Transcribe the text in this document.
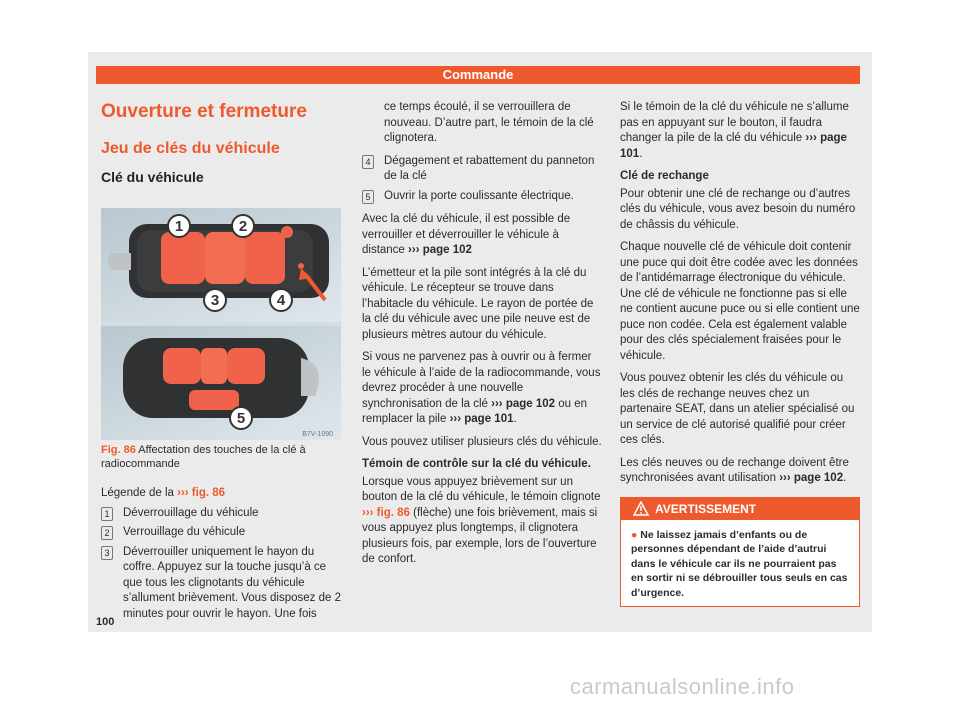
Commande
Ouverture et fermeture
Jeu de clés du véhicule
Clé du véhicule
1	2
3	4
5
B7V-1090
Fig. 86 Affectation des touches de la clé à radiocommande

Légende de la ››› fig. 86

1	Déverrouillage du véhicule
2	Verrouillage du véhicule
3	Déverrouiller uniquement le hayon du coffre. Appuyez sur la touche jusqu’à ce que tous les clignotants du véhicule s’allument brièvement. Vous disposez de 2 minutes pour ouvrir le hayon. Une fois

ce temps écoulé, il se verrouillera de nouveau. D’autre part, le témoin de la clé clignotera.

4	Dégagement et rabattement du panneton de la clé
5	Ouvrir la porte coulissante électrique.

Avec la clé du véhicule, il est possible de verrouiller et déverrouiller le véhicule à distance ››› page 102

L’émetteur et la pile sont intégrés à la clé du véhicule. Le récepteur se trouve dans l’habitacle du véhicule. Le rayon de portée de la clé du véhicule avec une pile neuve est de plusieurs mètres autour du véhicule.

Si vous ne parvenez pas à ouvrir ou à fermer le véhicule à l’aide de la radiocommande, vous devrez procéder à une nouvelle synchronisation de la clé ››› page 102 ou en remplacer la pile ››› page 101.

Vous pouvez utiliser plusieurs clés du véhicule.

Témoin de contrôle sur la clé du véhicule.

Lorsque vous appuyez brièvement sur un bouton de la clé du véhicule, le témoin clignote ››› fig. 86 (flèche) une fois brièvement, mais si vous appuyez plus longtemps, il clignotera plusieurs fois, par exemple, lors de l’ouverture de confort.

Si le témoin de la clé du véhicule ne s’allume pas en appuyant sur le bouton, il faudra changer la pile de la clé du véhicule ››› page 101.

Clé de rechange

Pour obtenir une clé de rechange ou d’autres clés du véhicule, vous avez besoin du numéro de châssis du véhicule.

Chaque nouvelle clé de véhicule doit contenir une puce qui doit être codée avec les données de l’antidémarrage électronique du véhicule. Une clé de véhicule ne fonctionne pas si elle ne contient aucune puce ou si elle contient une puce non codée. Cela est également valable pour des clés spécialement fraisées pour le véhicule.

Vous pouvez obtenir les clés du véhicule ou les clés de rechange neuves chez un partenaire SEAT, dans un atelier spécialisé ou un service de clé autorisé qualifié pour créer ces clés.

Les clés neuves ou de rechange doivent être synchronisées avant utilisation ››› page 102.

AVERTISSEMENT
● Ne laissez jamais d’enfants ou de personnes dépendant de l’aide d’autrui dans le véhicule car ils ne pourraient pas en sortir ni se débrouiller tous seuls en cas d’urgence.
100
carmanualsonline.info
